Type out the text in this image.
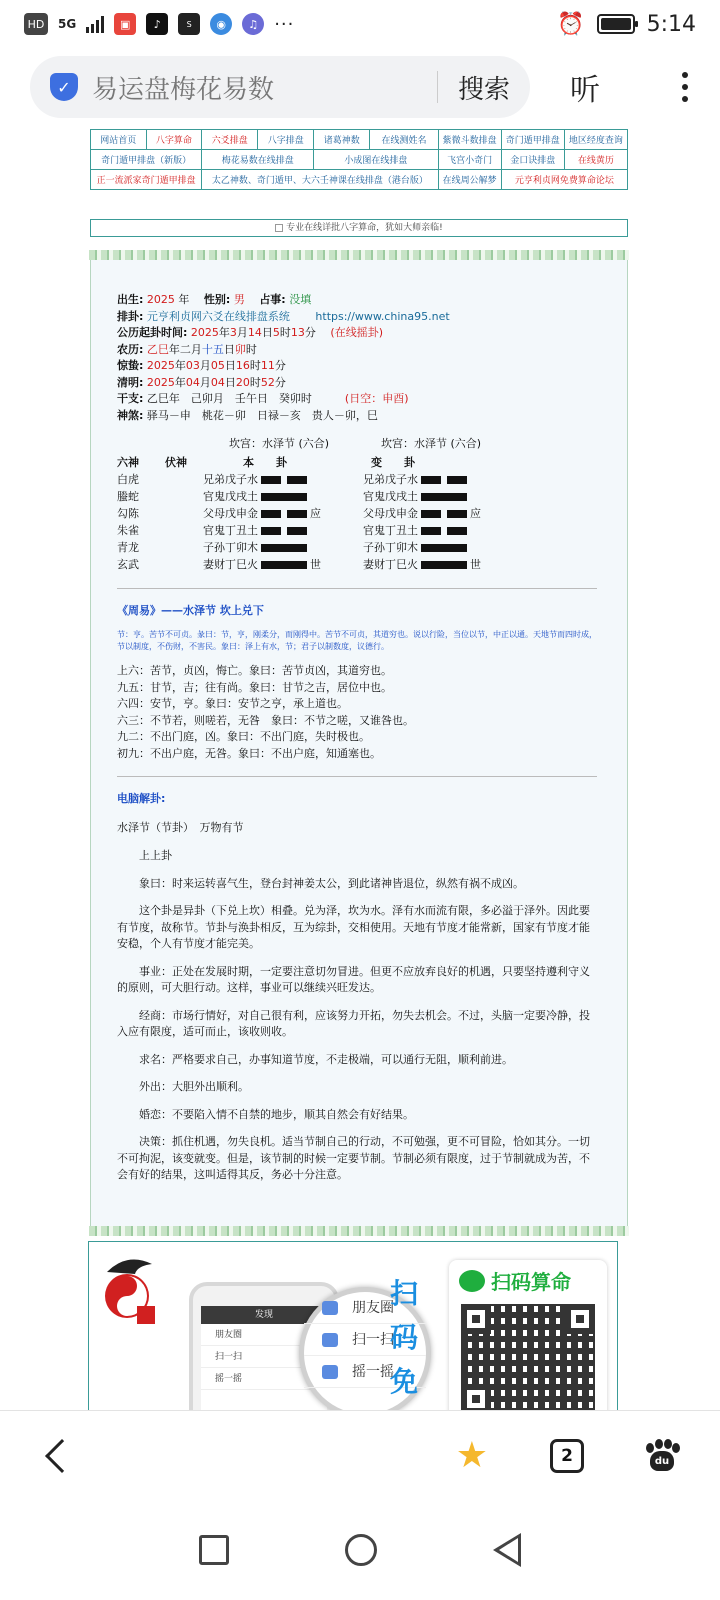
HD	5G	▣	♪	S	◉	♫ ···	⏰	5:14
✓ 易运盘梅花易数	搜索 听
网站首页	八字算命	六爻排盘	八字排盘	诸葛神数	在线测姓名	紫微斗数排盘	奇门遁甲排盘	地区经度查询
奇门遁甲排盘（新版）		梅花易数在线排盘		小成图在线排盘		飞宫小奇门	金口诀排盘	在线黄历
正一流派家奇门遁甲排盘		太乙神数、奇门遁甲、大六壬神课在线排盘（港台版）				在线周公解梦	元亨利贞网免费算命论坛	
专业在线详批八字算命，犹如大师亲临!
出生: 2025 年　 性别: 男　 占事: 没填
排卦: 元亨利贞网六爻在线排盘系统　　 https://www.china95.net
公历起卦时间: 2025年3月14日5时13分　 (在线摇卦)
农历: 乙巳年二月十五日卯时
惊蛰: 2025年03月05日16时11分
清明: 2025年04月04日20时52分
干支: 乙巳年　己卯月　壬午日　癸卯时　　　	(日空：申酉)
神煞: 驿马－申　桃花－卯　日禄－亥　贵人－卯，巳
坎宫：水泽节 (六合)	坎宫：水泽节 (六合)
六神	伏神	本　　卦	变　　卦
白虎	兄弟戊子水	兄弟戊子水
螣蛇	官鬼戊戌土	官鬼戊戌土
勾陈	父母戊申金	应	父母戊申金	应
朱雀	官鬼丁丑土	官鬼丁丑土
青龙	子孙丁卯木	子孙丁卯木
玄武	妻财丁巳火	世	妻财丁巳火	世
《周易》——水泽节 坎上兑下
节：亨。苦节不可贞。彖曰：节，亨，刚柔分，而刚得中。苦节不可贞，其道穷也。说以行险，当位以节，中正以通。天地节而四时成，节以制度，不伤财，不害民。象曰：泽上有水，节；君子以制数度，议德行。
上六：苦节，贞凶，悔亡。象曰：苦节贞凶，其道穷也。
九五：甘节，吉；往有尚。象曰：甘节之吉，居位中也。
六四：安节，亨。象曰：安节之亨，承上道也。
六三：不节若，则嗟若，无咎　象曰：不节之嗟，又谁咎也。
九二：不出门庭，凶。象曰：不出门庭，失时极也。
初九：不出户庭，无咎。象曰：不出户庭，知通塞也。
电脑解卦:
水泽节（节卦）　万物有节
上上卦
象曰：时来运转喜气生，登台封神姜太公，到此诸神皆退位，纵然有祸不成凶。
这个卦是异卦（下兑上坎）相叠。兑为泽，坎为水。泽有水而流有限，多必溢于泽外。因此要有节度，故称节。节卦与涣卦相反，互为综卦，交相使用。天地有节度才能常新，国家有节度才能安稳，个人有节度才能完美。
事业：正处在发展时期，一定要注意切勿冒进。但更不应放弃良好的机遇，只要坚持遵利守义的原则，可大胆行动。这样，事业可以继续兴旺发达。
经商：市场行情好，对自己很有利，应该努力开拓，勿失去机会。不过，头脑一定要冷静，投入应有限度，适可而止，该收则收。
求名：严格要求自己，办事知道节度，不走极端，可以通行无阻，顺利前进。
外出：大胆外出顺利。
婚恋：不要陷入情不自禁的地步，顺其自然会有好结果。
决策：抓住机遇，勿失良机。适当节制自己的行动，不可勉强，更不可冒险，恰如其分。一切不可拘泥，该变就变。但是，该节制的时候一定要节制。节制必须有限度，过于节制就成为苦，不会有好的结果，这叫适得其反，务必十分注意。
发现
朋友圈
扫一扫
摇一摇
朋友圈
扫一扫
摇一摇
扫
码
免
扫码算命
★	2	du
